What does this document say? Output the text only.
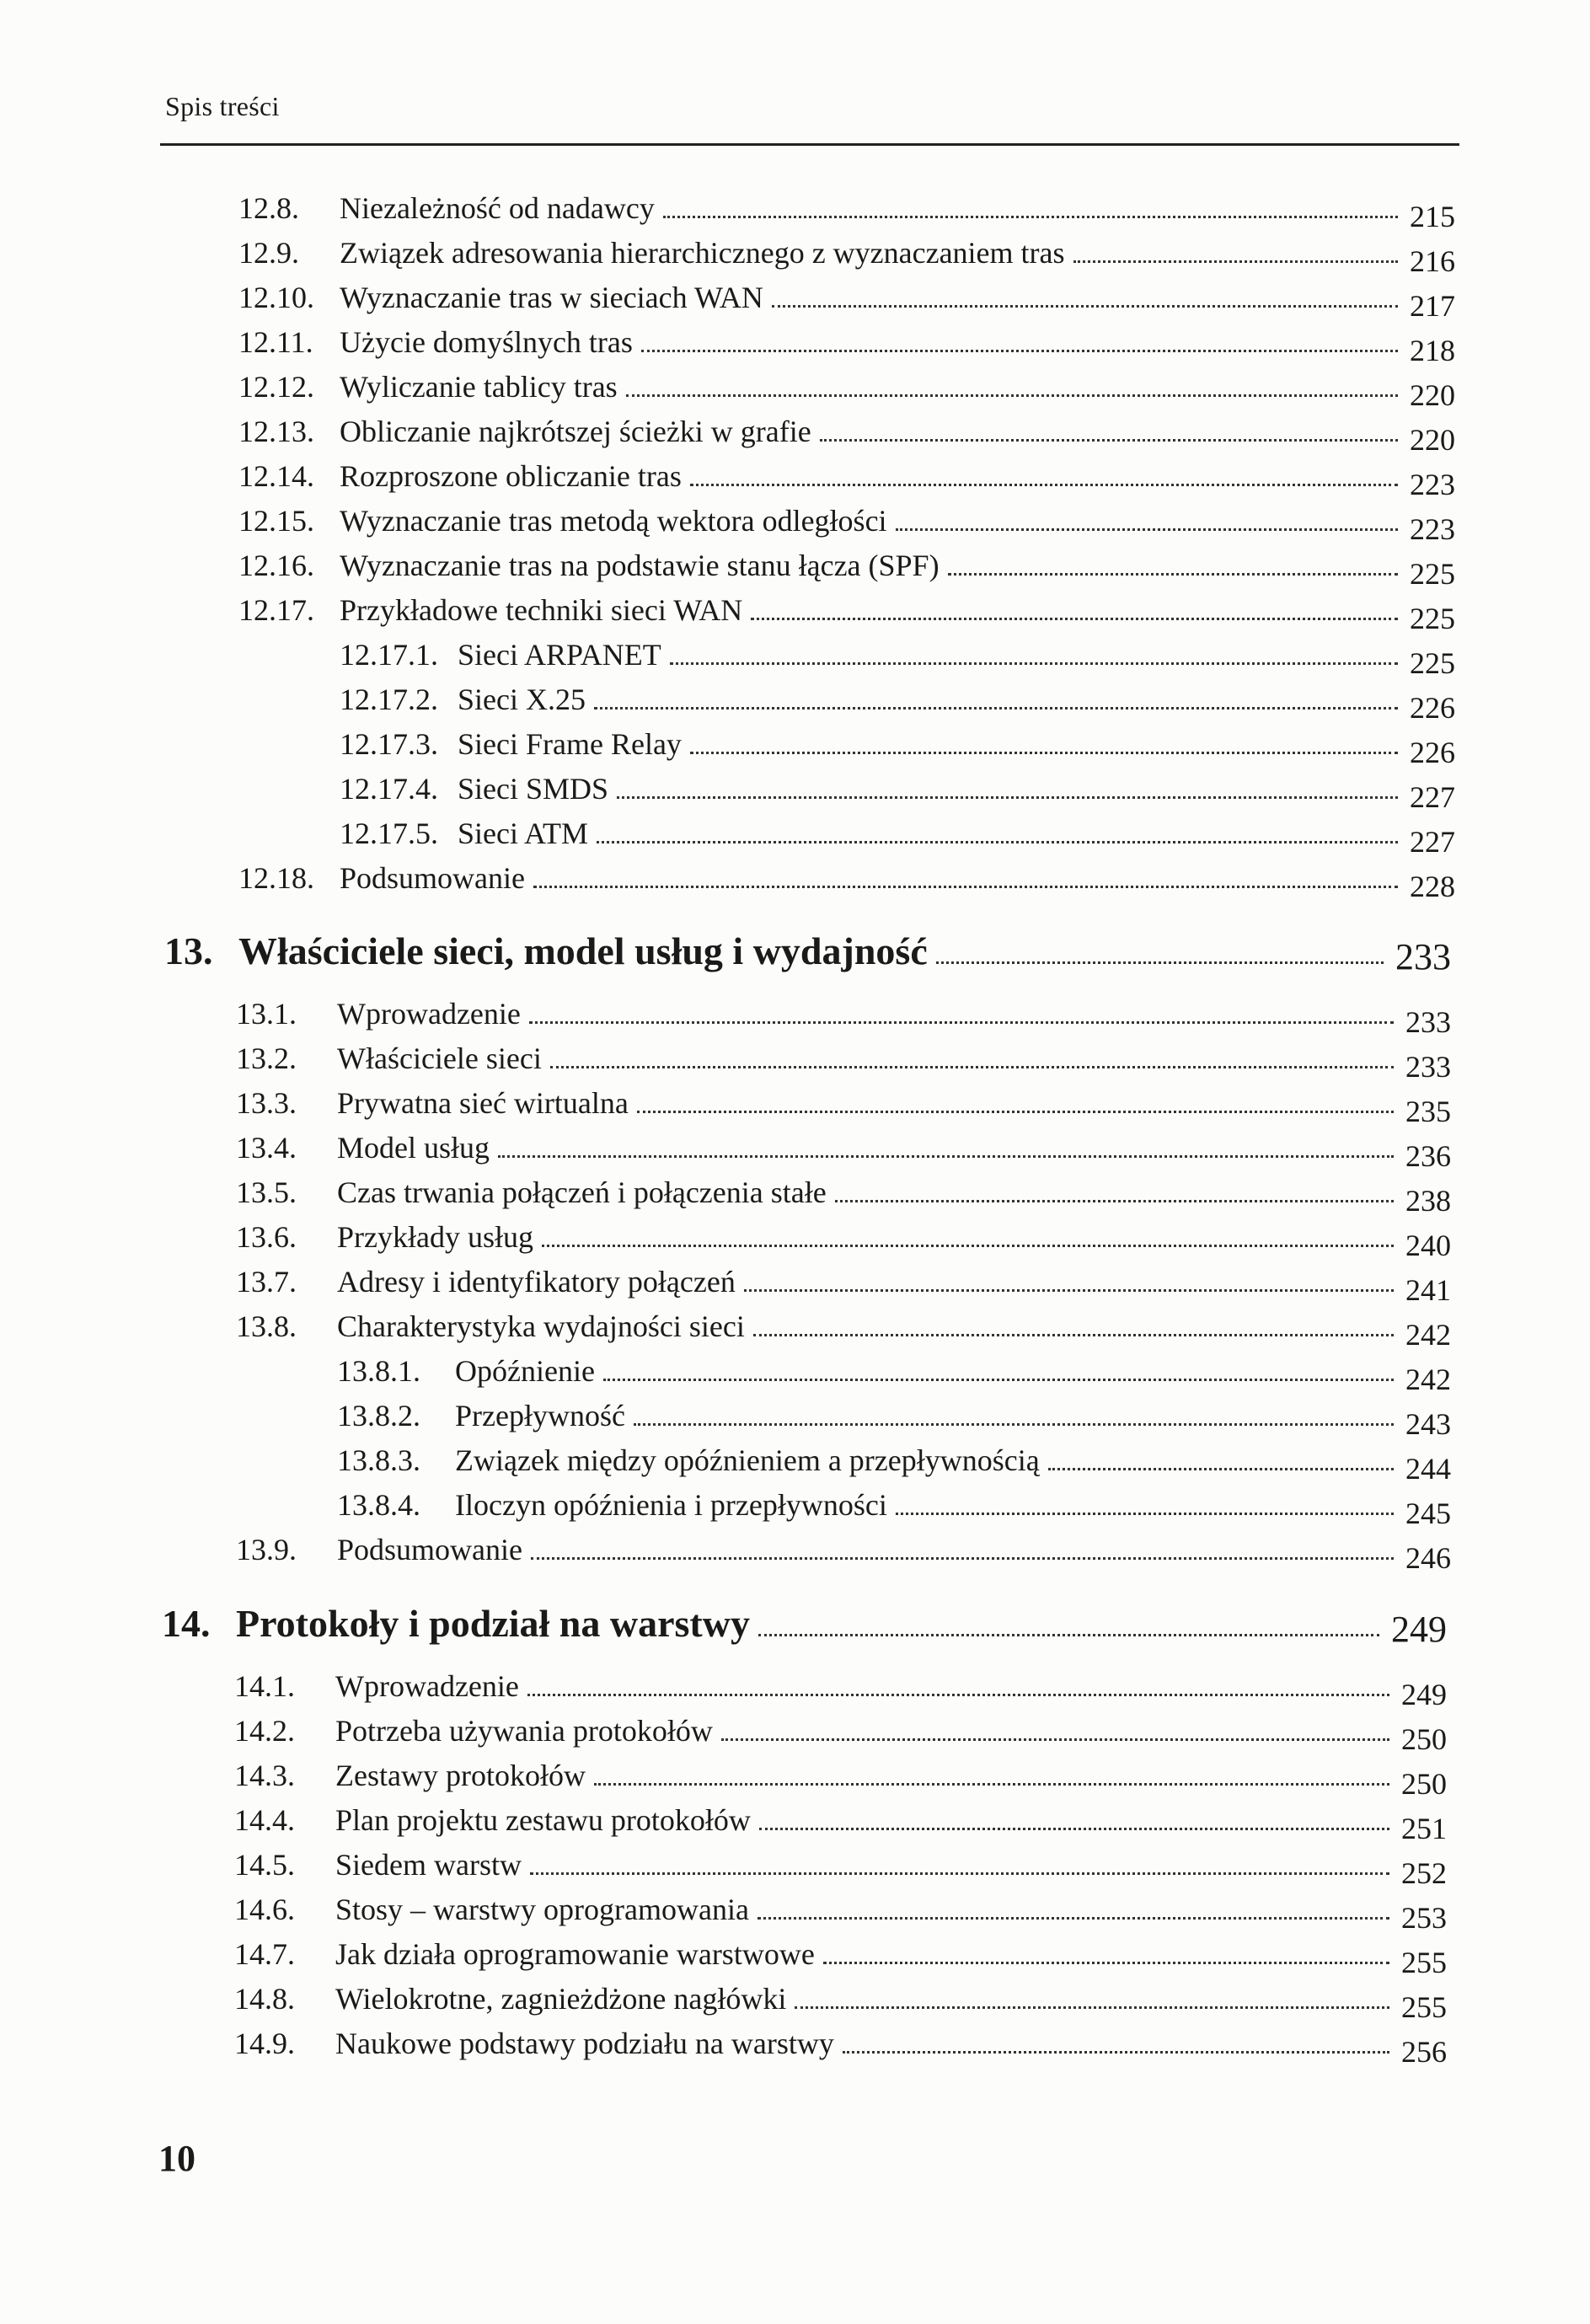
Spis treści
12.8.	Niezależność od nadawcy	215
12.9.	Związek adresowania hierarchicznego z wyznaczaniem tras	216
12.10. Wyznaczanie tras w sieciach WAN	217
12.11. Użycie domyślnych tras	218
12.12. Wyliczanie tablicy tras	220
12.13. Obliczanie najkrótszej ścieżki w grafie	220
12.14. Rozproszone obliczanie tras	223
12.15. Wyznaczanie tras metodą wektora odległości	223
12.16. Wyznaczanie tras na podstawie stanu łącza (SPF)	225
12.17. Przykładowe techniki sieci WAN	225
12.17.1. Sieci ARPANET	225
12.17.2. Sieci X.25	226
12.17.3. Sieci Frame Relay	226
12.17.4. Sieci SMDS	227
12.17.5. Sieci ATM	227
12.18. Podsumowanie	228
13. Właściciele sieci, model usług i wydajność	233
13.1.	Wprowadzenie	233
13.2.	Właściciele sieci	233
13.3.	Prywatna sieć wirtualna	235
13.4.	Model usług	236
13.5.	Czas trwania połączeń i połączenia stałe	238
13.6.	Przykłady usług	240
13.7.	Adresy i identyfikatory połączeń	241
13.8.	Charakterystyka wydajności sieci	242
13.8.1.	Opóźnienie	242
13.8.2.	Przepływność	243
13.8.3.	Związek między opóźnieniem a przepływnością	244
13.8.4.	Iloczyn opóźnienia i przepływności	245
13.9.	Podsumowanie	246
14. Protokoły i podział na warstwy	249
14.1.	Wprowadzenie	249
14.2.	Potrzeba używania protokołów	250
14.3.	Zestawy protokołów	250
14.4.	Plan projektu zestawu protokołów	251
14.5.	Siedem warstw	252
14.6.	Stosy – warstwy oprogramowania	253
14.7.	Jak działa oprogramowanie warstwowe	255
14.8.	Wielokrotne, zagnieżdżone nagłówki	255
14.9.	Naukowe podstawy podziału na warstwy	256
10
